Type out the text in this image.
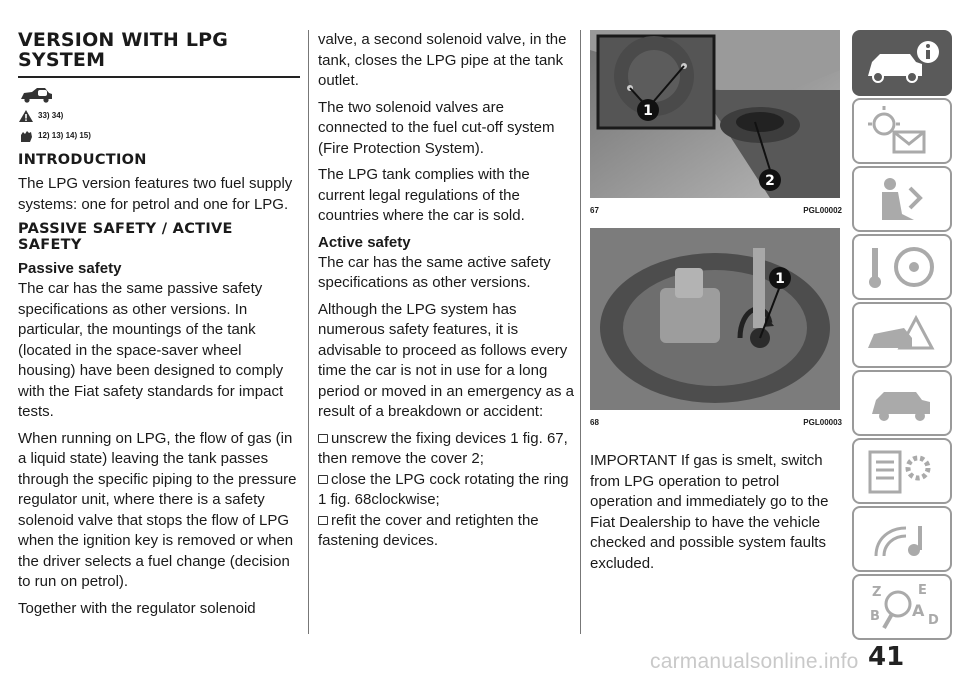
VERSION WITH LPG SYSTEM
33) 34)
12) 13) 14) 15)
INTRODUCTION

The LPG version features two fuel supply systems: one for petrol and one for LPG.

PASSIVE SAFETY / ACTIVE SAFETY
Passive safety

The car has the same passive safety specifications as other versions. In particular, the mountings of the tank (located in the space-saver wheel housing) have been designed to comply with the Fiat safety standards for impact tests.

When running on LPG, the flow of gas (in a liquid state) leaving the tank passes through the specific piping to the pressure regulator unit, where there is a safety solenoid valve that stops the flow of LPG when the ignition key is removed or when the driver selects a fuel change (decision to run on petrol).

Together with the regulator solenoid

valve, a second solenoid valve, in the tank, closes the LPG pipe at the tank outlet.

The two solenoid valves are connected to the fuel cut-off system (Fire Protection System).

The LPG tank complies with the current legal regulations of the countries where the car is sold.

Active safety

The car has the same active safety specifications as other versions.

Although the LPG system has numerous safety features, it is advisable to proceed as follows every time the car is not in use for a long period or moved in an emergency as a result of a breakdown or accident:

unscrew the fixing devices 1 fig. 67, then remove the cover 2;
close the LPG cock rotating the ring 1 fig. 68clockwise;
refit the cover and retighten the fastening devices.
1
2
67	PGL00002
1
68	PGL00003

IMPORTANT If gas is smelt, switch from LPG operation to petrol operation and immediately go to the Fiat Dealership to have the vehicle checked and possible system faults excluded.

Z	E
B A
D
41
carmanualsonline.info
